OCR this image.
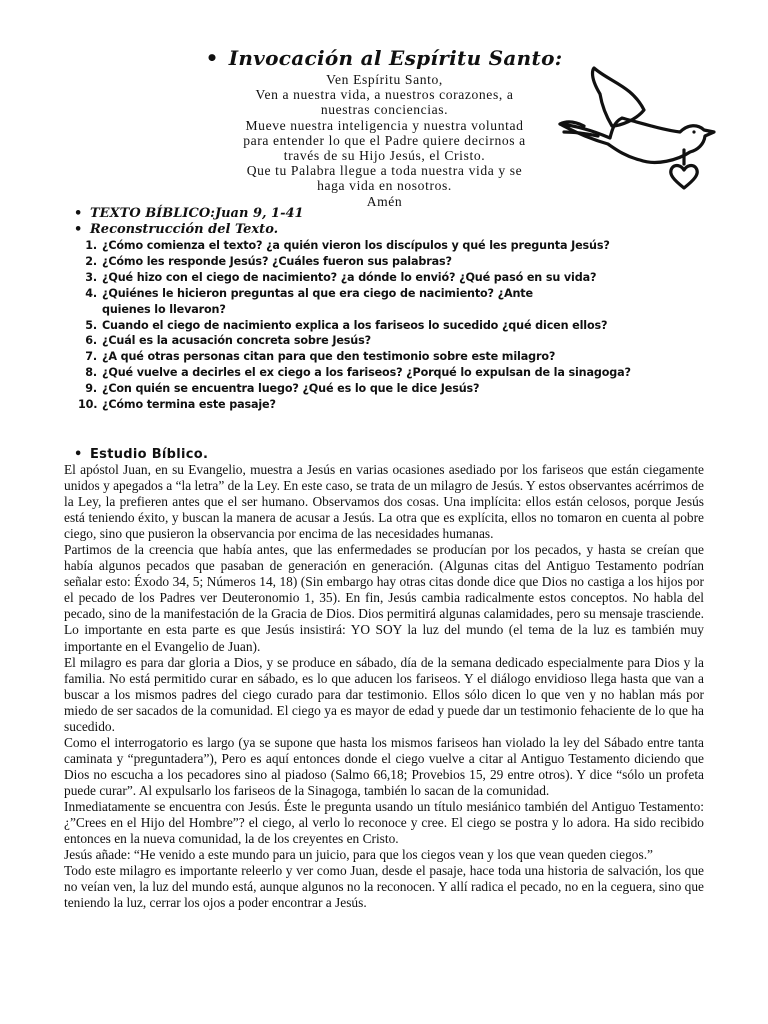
• Invocación al Espíritu Santo:
Ven Espíritu Santo,
Ven a nuestra vida, a nuestros corazones, a
nuestras conciencias.
Mueve nuestra inteligencia y nuestra voluntad
para entender lo que el Padre quiere decirnos a
través de su Hijo Jesús, el Cristo.
Que tu Palabra llegue a toda nuestra vida y se
haga vida en nosotros.
Amén
• TEXTO BÍBLICO:Juan 9, 1-41
• Reconstrucción del Texto.
1. ¿Cómo comienza el texto? ¿a quién vieron los discípulos y qué les pregunta Jesús?
2. ¿Cómo les responde Jesús? ¿Cuáles fueron sus palabras?
3. ¿Qué hizo con el ciego de nacimiento? ¿a dónde lo envió? ¿Qué pasó en su vida?
4. ¿Quiénes le hicieron preguntas al que era ciego de nacimiento? ¿Ante quienes lo llevaron?
5. Cuando el ciego de nacimiento explica a los fariseos lo sucedido ¿qué dicen ellos?
6. ¿Cuál es la acusación concreta sobre Jesús?
7. ¿A qué otras personas citan para que den testimonio sobre este milagro?
8. ¿Qué vuelve a decirles el ex ciego a los fariseos? ¿Porqué lo expulsan de la sinagoga?
9. ¿Con quién se encuentra luego? ¿Qué es lo que le dice Jesús?
10. ¿Cómo termina este pasaje?
• Estudio Bíblico.

El apóstol Juan, en su Evangelio, muestra a Jesús en varias ocasiones asediado por los fariseos que están ciegamente unidos y apegados a “la letra” de la Ley. En este caso, se trata de un milagro de Jesús. Y estos observantes acérrimos de la Ley, la prefieren antes que el ser humano. Observamos dos cosas. Una implícita: ellos están celosos, porque Jesús está teniendo éxito, y buscan la manera de acusar a Jesús. La otra que es explícita, ellos no tomaron en cuenta al pobre ciego, sino que pusieron la observancia por encima de las necesidades humanas.

Partimos de la creencia que había antes, que las enfermedades se producían por los pecados, y hasta se creían que había algunos pecados que pasaban de generación en generación. (Algunas citas del Antiguo Testamento podrían señalar esto: Éxodo 34, 5; Números 14, 18) (Sin embargo hay otras citas donde dice que Dios no castiga a los hijos por el pecado de los Padres ver Deuteronomio 1, 35). En fin, Jesús cambia radicalmente estos conceptos. No habla del pecado, sino de la manifestación de la Gracia de Dios. Dios permitirá algunas calamidades, pero su mensaje trasciende. Lo importante en esta parte es que Jesús insistirá: YO SOY la luz del mundo (el tema de la luz es también muy importante en el Evangelio de Juan).

El milagro es para dar gloria a Dios, y se produce en sábado, día de la semana dedicado especialmente para Dios y la familia. No está permitido curar en sábado, es lo que aducen los fariseos. Y el diálogo envidioso llega hasta que van a buscar a los mismos padres del ciego curado para dar testimonio. Ellos sólo dicen lo que ven y no hablan más por miedo de ser sacados de la comunidad. El ciego ya es mayor de edad y puede dar un testimonio fehaciente de lo que ha sucedido.

Como el interrogatorio es largo (ya se supone que hasta los mismos fariseos han violado la ley del Sábado entre tanta caminata y “preguntadera”), Pero es aquí entonces donde el ciego vuelve a citar al Antiguo Testamento diciendo que Dios no escucha a los pecadores sino al piadoso (Salmo 66,18; Provebios 15, 29 entre otros). Y dice “sólo un profeta puede curar”. Al expulsarlo los fariseos de la Sinagoga, también lo sacan de la comunidad.

Inmediatamente se encuentra con Jesús. Éste le pregunta usando un título mesiánico también del Antiguo Testamento: ¿”Crees en el Hijo del Hombre”? el ciego, al verlo lo reconoce y cree. El ciego se postra y lo adora. Ha sido recibido entonces en la nueva comunidad, la de los creyentes en Cristo.

Jesús añade: “He venido a este mundo para un juicio, para que los ciegos vean y los que vean queden ciegos.”

Todo este milagro es importante releerlo y ver como Juan, desde el pasaje, hace toda una historia de salvación, los que no veían ven, la luz del mundo está, aunque algunos no la reconocen. Y allí radica el pecado, no en la ceguera, sino que teniendo la luz, cerrar los ojos a poder encontrar a Jesús.
